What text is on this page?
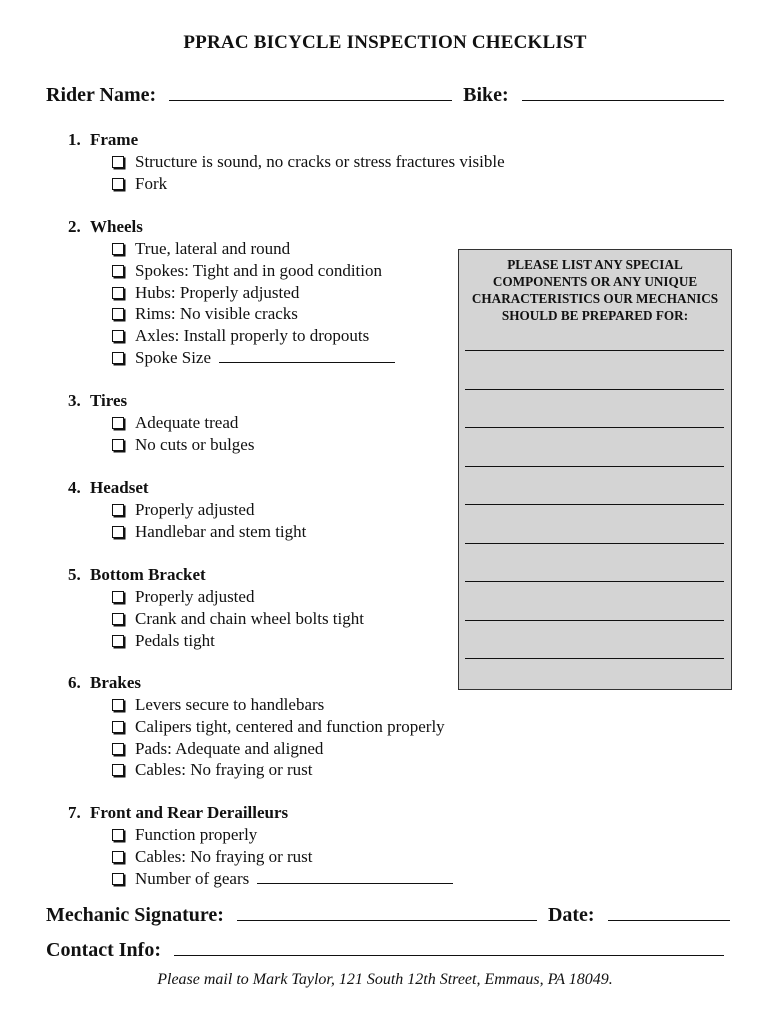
PPRAC BICYCLE INSPECTION CHECKLIST
Rider Name:	Bike:
1. Frame
Structure is sound, no cracks or stress fractures visible
Fork
2. Wheels
True, lateral and round
Spokes: Tight and in good condition
Hubs: Properly adjusted
Rims: No visible cracks
Axles: Install properly to dropouts
Spoke Size
3. Tires
Adequate tread
No cuts or bulges
4. Headset
Properly adjusted
Handlebar and stem tight
5. Bottom Bracket
Properly adjusted
Crank and chain wheel bolts tight
Pedals tight
6. Brakes
Levers secure to handlebars
Calipers tight, centered and function properly
Pads: Adequate and aligned
Cables: No fraying or rust
7. Front and Rear Derailleurs
Function properly
Cables: No fraying or rust
Number of gears
PLEASE LIST ANY SPECIAL
COMPONENTS OR ANY UNIQUE
CHARACTERISTICS OUR MECHANICS
SHOULD BE PREPARED FOR:
Mechanic Signature:	Date:
Contact Info:
Please mail to Mark Taylor, 121 South 12th Street, Emmaus, PA 18049.
